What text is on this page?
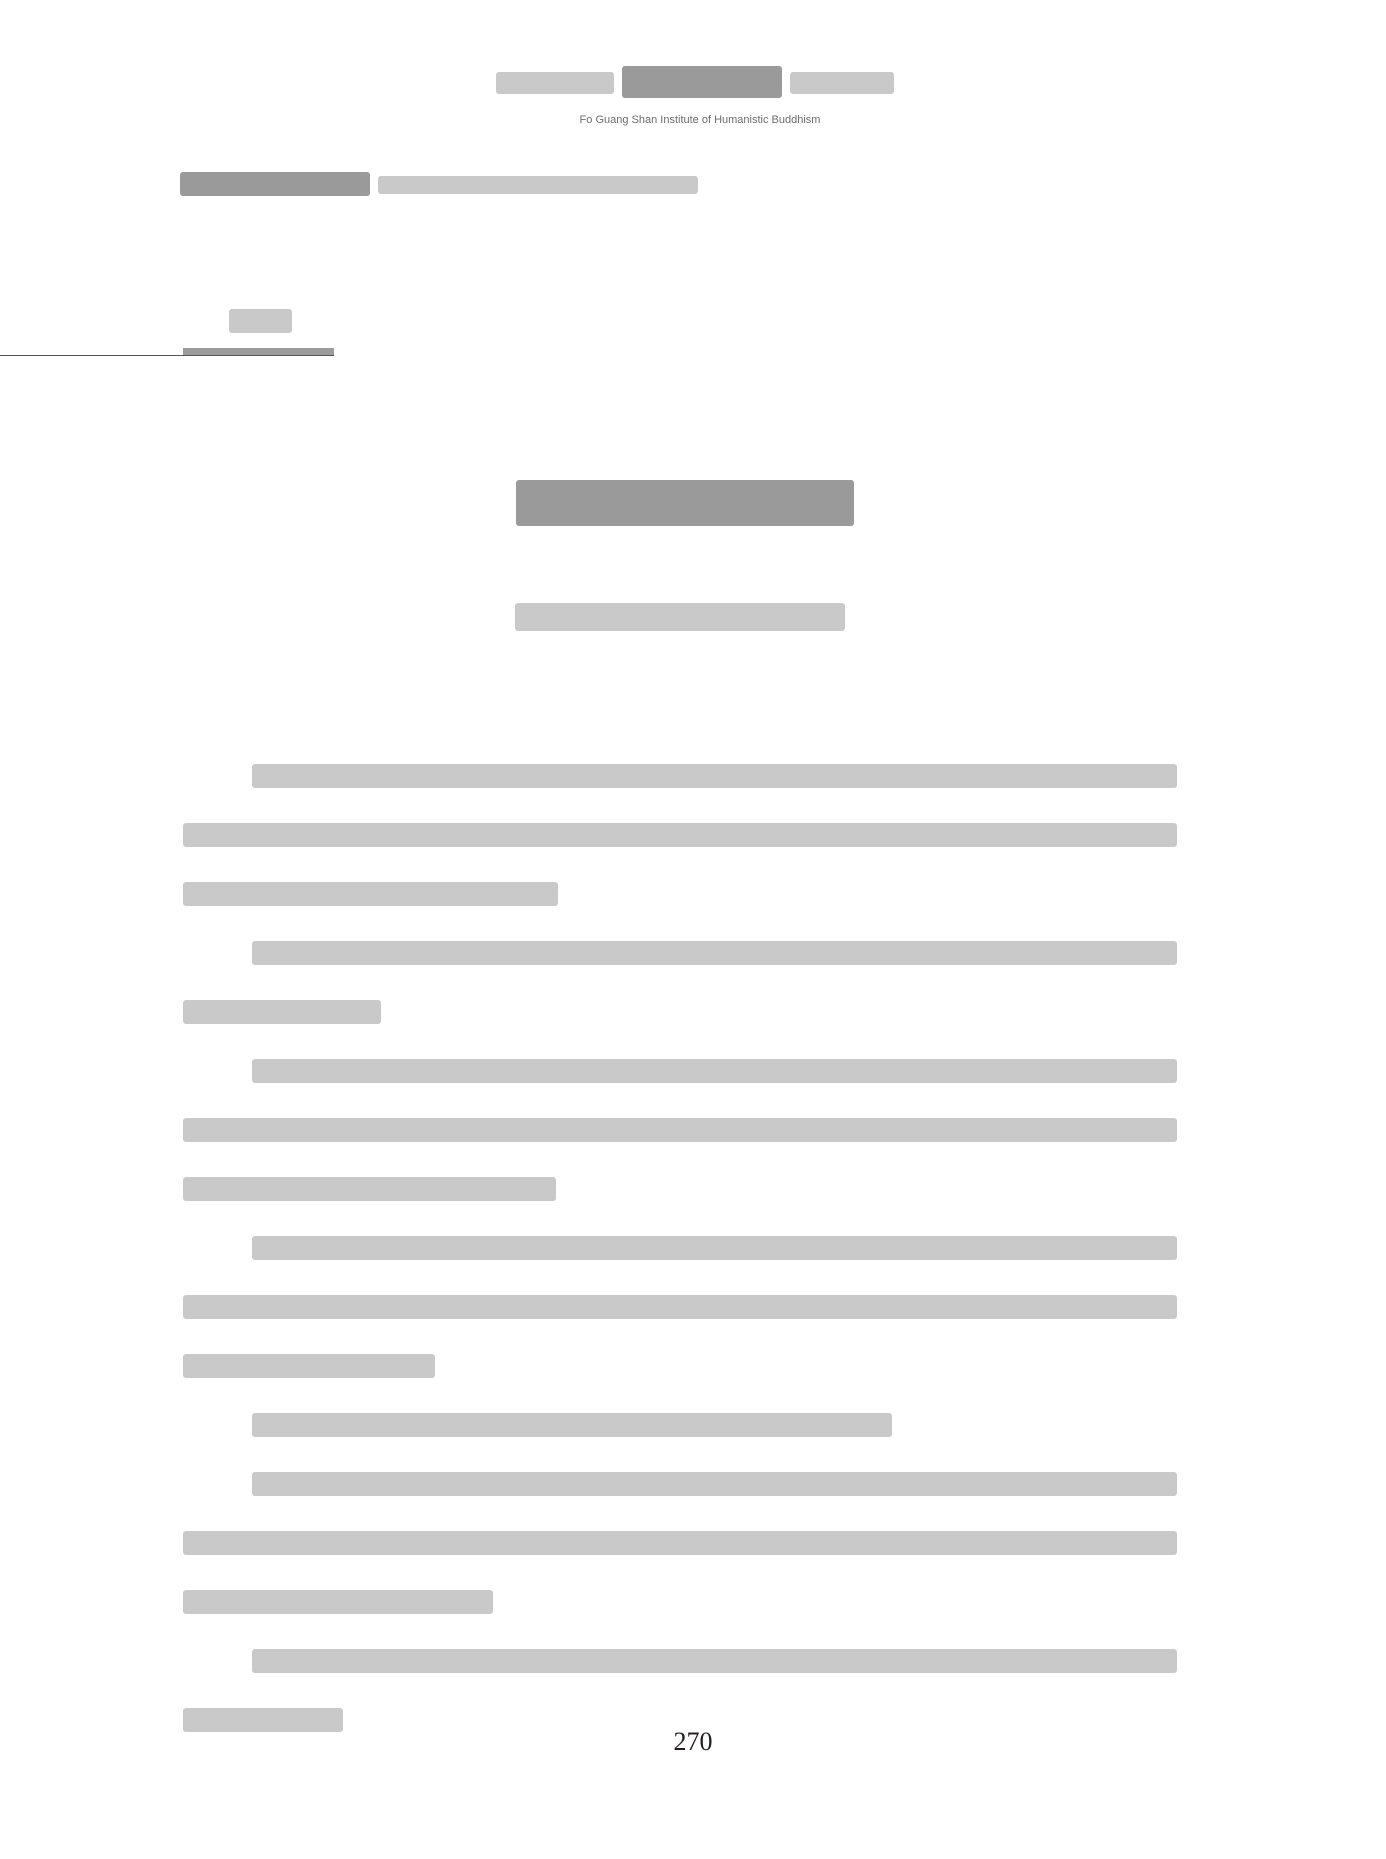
Fo Guang Shan Institute of Humanistic Buddhism
270
